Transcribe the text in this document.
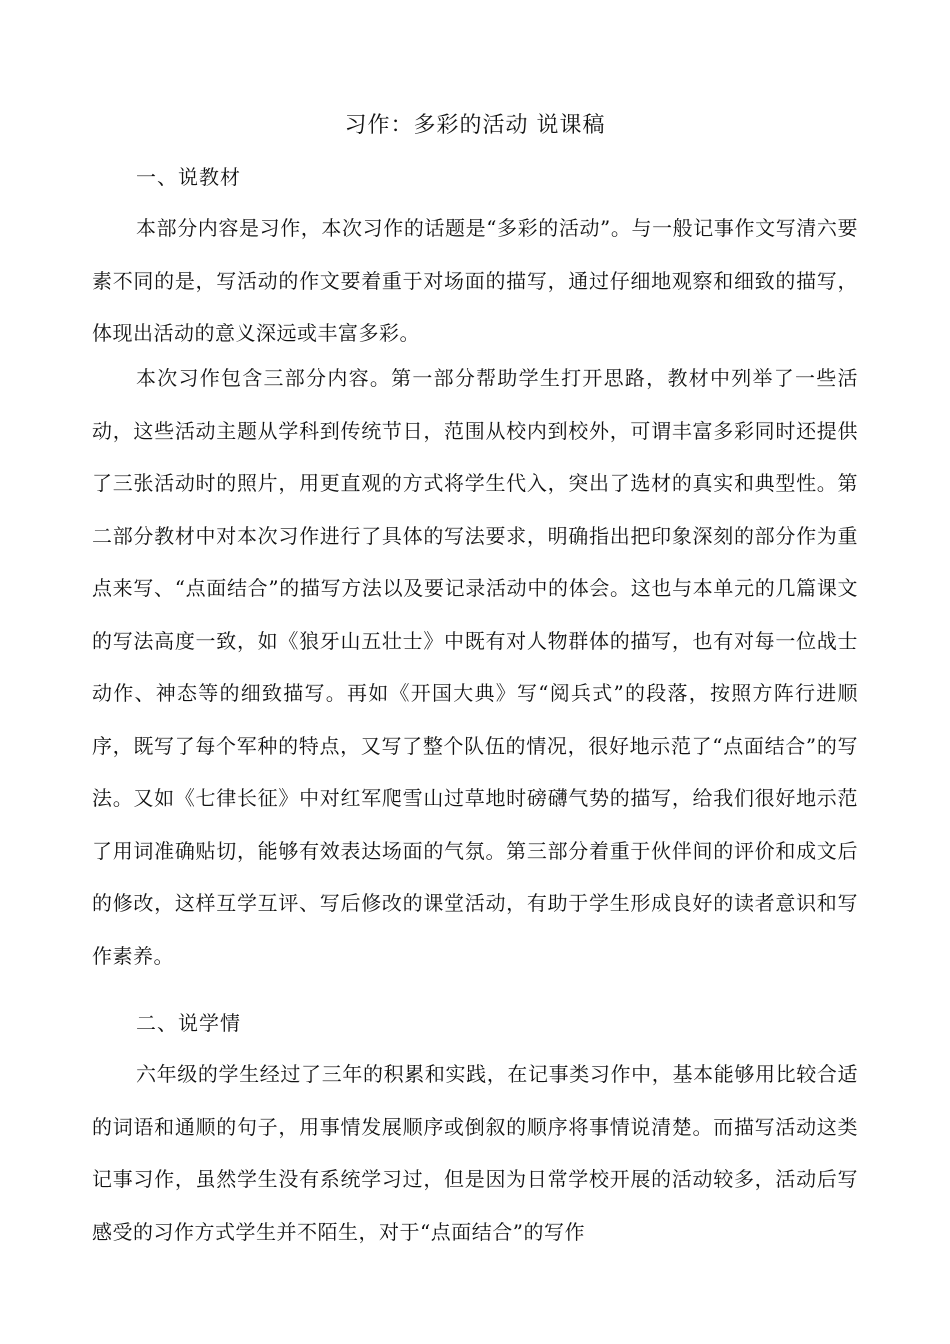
习作：多彩的活动 说课稿
一、说教材
本部分内容是习作，本次习作的话题是“多彩的活动”。与一般记事作文写清六要素不同的是，写活动的作文要着重于对场面的描写，通过仔细地观察和细致的描写，体现出活动的意义深远或丰富多彩。
本次习作包含三部分内容。第一部分帮助学生打开思路，教材中列举了一些活动，这些活动主题从学科到传统节日，范围从校内到校外，可谓丰富多彩同时还提供了三张活动时的照片，用更直观的方式将学生代入，突出了选材的真实和典型性。第二部分教材中对本次习作进行了具体的写法要求，明确指出把印象深刻的部分作为重点来写、“点面结合”的描写方法以及要记录活动中的体会。这也与本单元的几篇课文的写法高度一致，如《狼牙山五壮士》中既有对人物群体的描写，也有对每一位战士动作、神态等的细致描写。再如《开国大典》写“阅兵式”的段落，按照方阵行进顺序，既写了每个军种的特点，又写了整个队伍的情况，很好地示范了“点面结合”的写法。又如《七律长征》中对红军爬雪山过草地时磅礴气势的描写，给我们很好地示范了用词准确贴切，能够有效表达场面的气氛。第三部分着重于伙伴间的评价和成文后的修改，这样互学互评、写后修改的课堂活动，有助于学生形成良好的读者意识和写作素养。
二、说学情
六年级的学生经过了三年的积累和实践，在记事类习作中，基本能够用比较合适的词语和通顺的句子，用事情发展顺序或倒叙的顺序将事情说清楚。而描写活动这类记事习作，虽然学生没有系统学习过，但是因为日常学校开展的活动较多，活动后写感受的习作方式学生并不陌生，对于“点面结合”的写作
